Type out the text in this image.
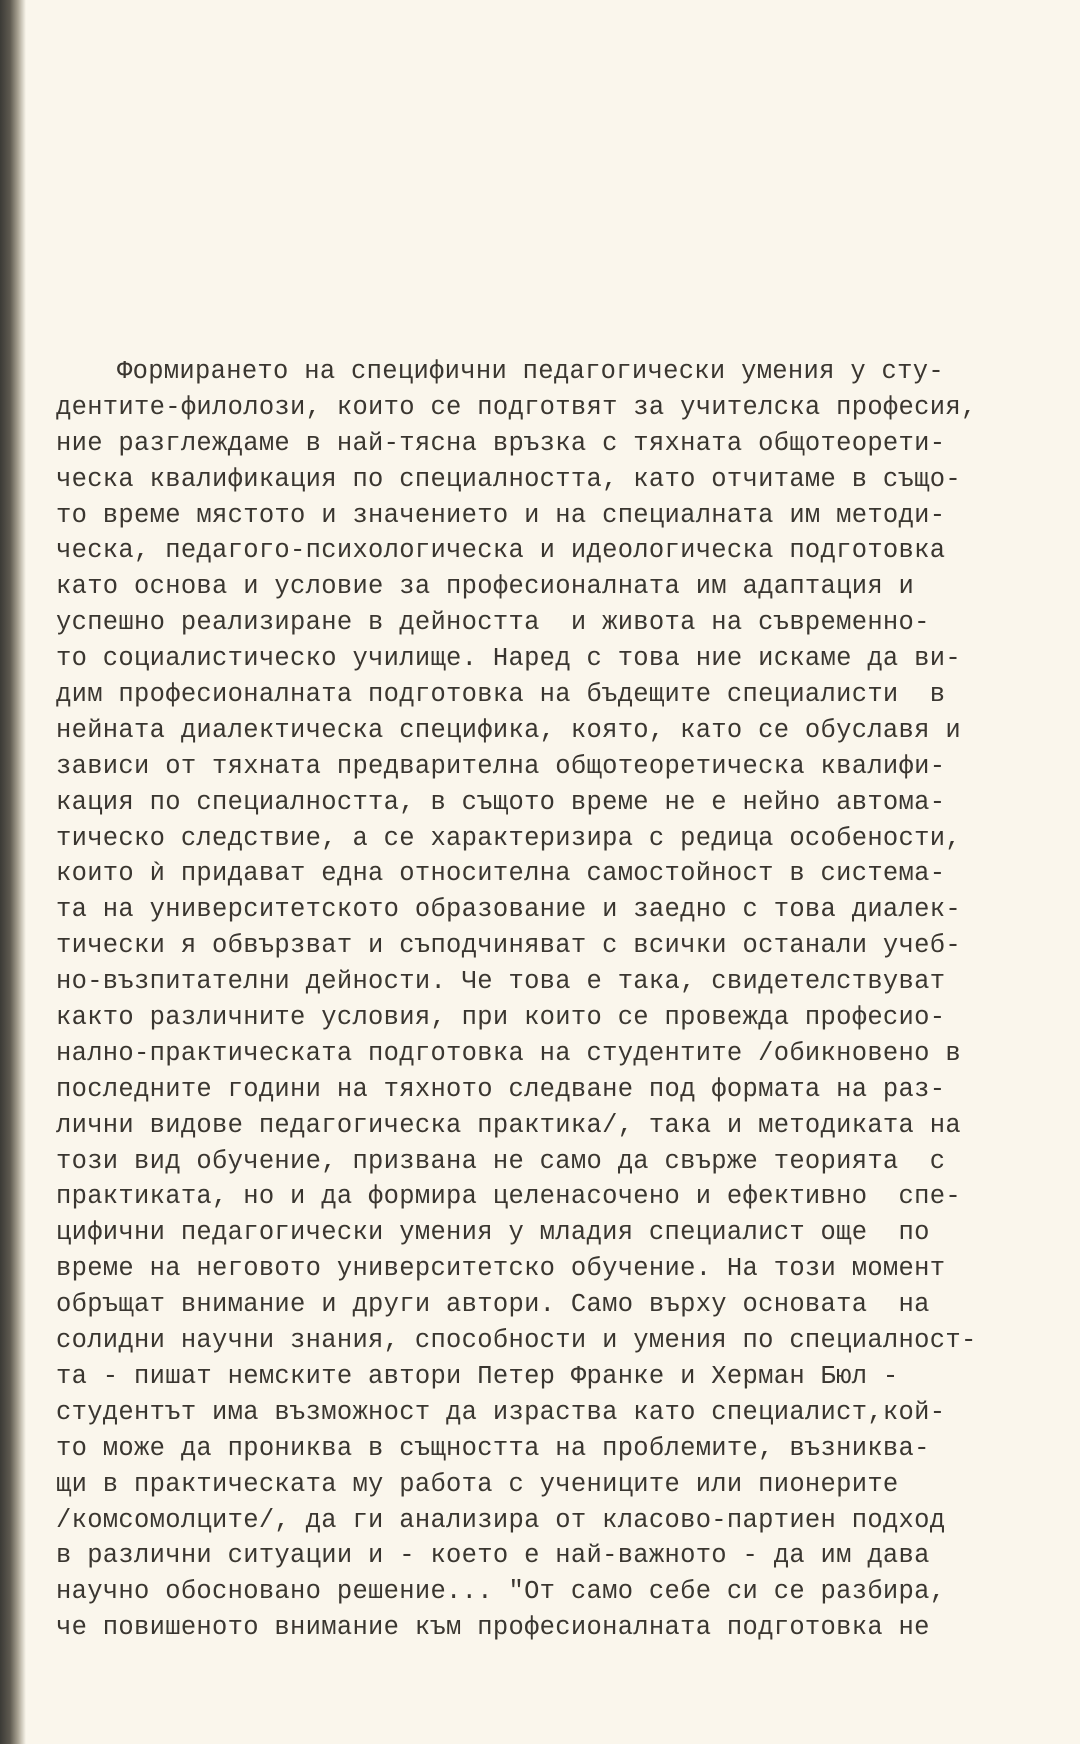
Формирането на специфични педагогически умения у сту-
дентите-филолози, които се подготвят за учителска професия,
ние разглеждаме в най-тясна връзка с тяхната общотеорети-
ческа квалификация по специалността, като отчитаме в също-
то време мястото и значението и на специалната им методи-
ческа, педагого-психологическа и идеологическа подготовка
като основа и условие за професионалната им адаптация и
успешно реализиране в дейността  и живота на съвременно-
то социалистическо училище. Наред с това ние искаме да ви-
дим професионалната подготовка на бъдещите специалисти  в
нейната диалектическа специфика, която, като се обуславя и
зависи от тяхната предварителна общотеоретическа квалифи-
кация по специалността, в същото време не е нейно автома-
тическо следствие, а се характеризира с редица особености,
които ѝ придават една относителна самостойност в система-
та на университетското образование и заедно с това диалек-
тически я обвързват и съподчиняват с всички останали учеб-
но-възпитателни дейности. Че това е така, свидетелствуват
както различните условия, при които се провежда професио-
нално-практическата подготовка на студентите /обикновено в
последните години на тяхното следване под формата на раз-
лични видове педагогическа практика/, така и методиката на
този вид обучение, призвана не само да свърже теорията  с
практиката, но и да формира целенасочено и ефективно  спе-
цифични педагогически умения у младия специалист още  по
време на неговото университетско обучение. На този момент
обръщат внимание и други автори. Само върху основата  на
солидни научни знания, способности и умения по специалност-
та - пишат немските автори Петер Франке и Херман Бюл -
студентът има възможност да израства като специалист,кой-
то може да прониква в същността на проблемите, възниква-
щи в практическата му работа с учениците или пионерите
/комсомолците/, да ги анализира от класово-партиен подход
в различни ситуации и - което е най-важното - да им дава
научно обосновано решение... "От само себе си се разбира,
че повишеното внимание към професионалната подготовка не
